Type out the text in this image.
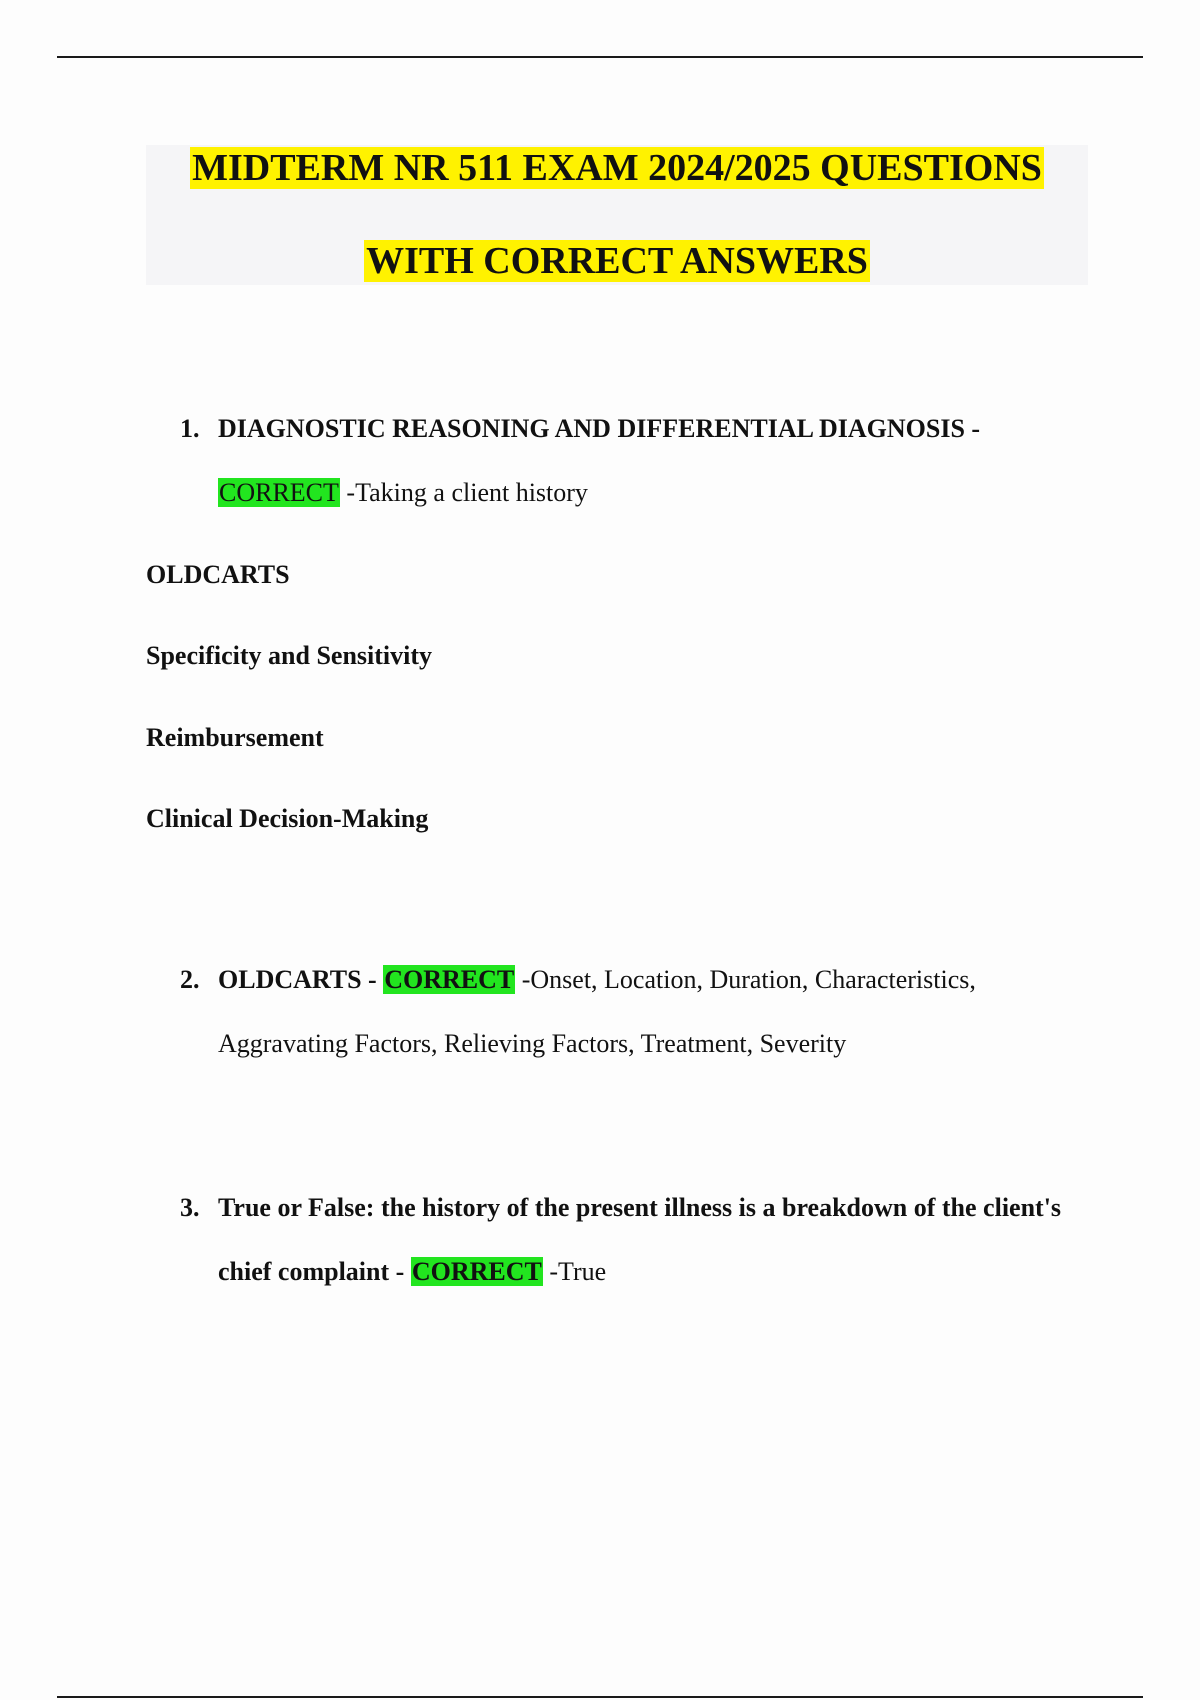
MIDTERM NR 511 EXAM 2024/2025 QUESTIONS
WITH CORRECT ANSWERS
1. DIAGNOSTIC REASONING AND DIFFERENTIAL DIAGNOSIS - CORRECT -Taking a client history
OLDCARTS
Specificity and Sensitivity
Reimbursement
Clinical Decision-Making
2. OLDCARTS - CORRECT -Onset, Location, Duration, Characteristics, Aggravating Factors, Relieving Factors, Treatment, Severity
3. True or False: the history of the present illness is a breakdown of the client's chief complaint - CORRECT -True
